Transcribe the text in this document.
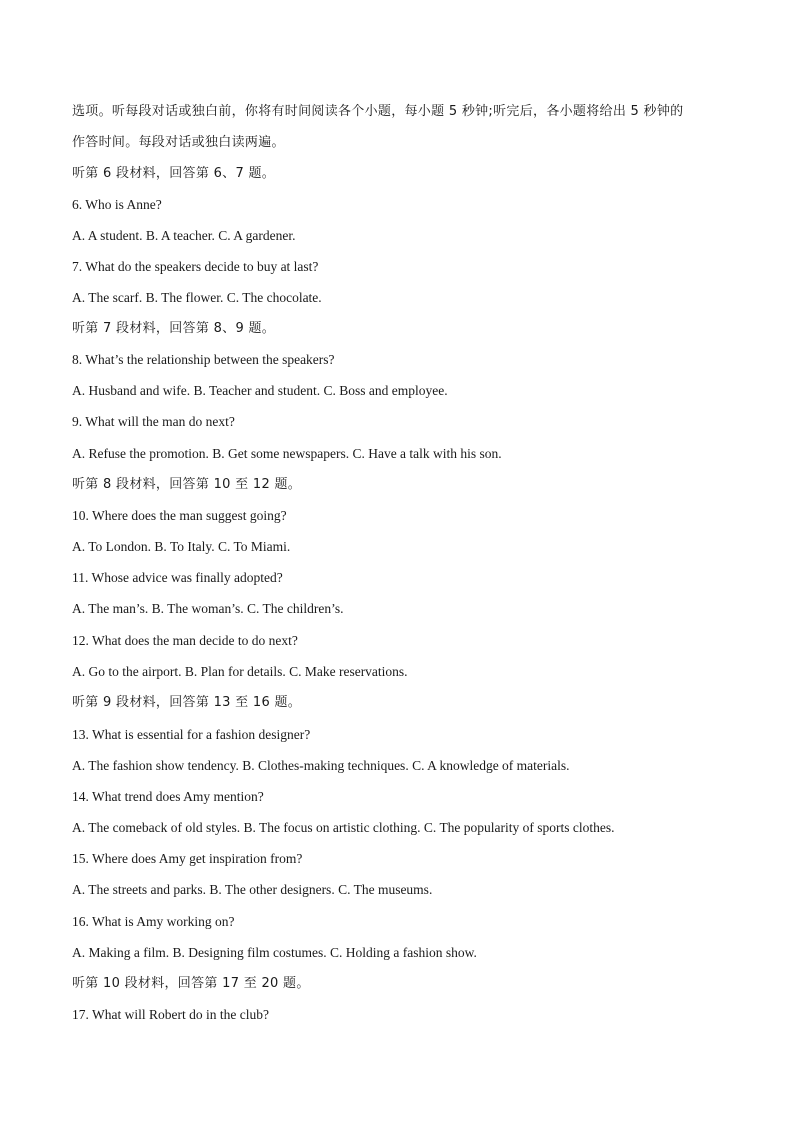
选项。听每段对话或独白前，你将有时间阅读各个小题，每小题 5 秒钟;听完后，各小题将给出 5 秒钟的
作答时间。每段对话或独白读两遍。
听第 6 段材料，回答第 6、7 题。
6. Who is Anne?
A. A student. B. A teacher. C. A gardener.
7. What do the speakers decide to buy at last?
A. The scarf. B. The flower. C. The chocolate.
听第 7 段材料，回答第 8、9 题。
8. What’s the relationship between the speakers?
A. Husband and wife. B. Teacher and student. C. Boss and employee.
9. What will the man do next?
A. Refuse the promotion. B. Get some newspapers. C. Have a talk with his son.
听第 8 段材料，回答第 10 至 12 题。
10. Where does the man suggest going?
A. To London. B. To Italy. C. To Miami.
11. Whose advice was finally adopted?
A. The man’s. B. The woman’s. C. The children’s.
12. What does the man decide to do next?
A. Go to the airport. B. Plan for details. C. Make reservations.
听第 9 段材料，回答第 13 至 16 题。
13. What is essential for a fashion designer?
A. The fashion show tendency. B. Clothes-making techniques. C. A knowledge of materials.
14. What trend does Amy mention?
A. The comeback of old styles. B. The focus on artistic clothing. C. The popularity of sports clothes.
15. Where does Amy get inspiration from?
A. The streets and parks. B. The other designers. C. The museums.
16. What is Amy working on?
A. Making a film. B. Designing film costumes. C. Holding a fashion show.
听第 10 段材料，回答第 17 至 20 题。
17. What will Robert do in the club?
